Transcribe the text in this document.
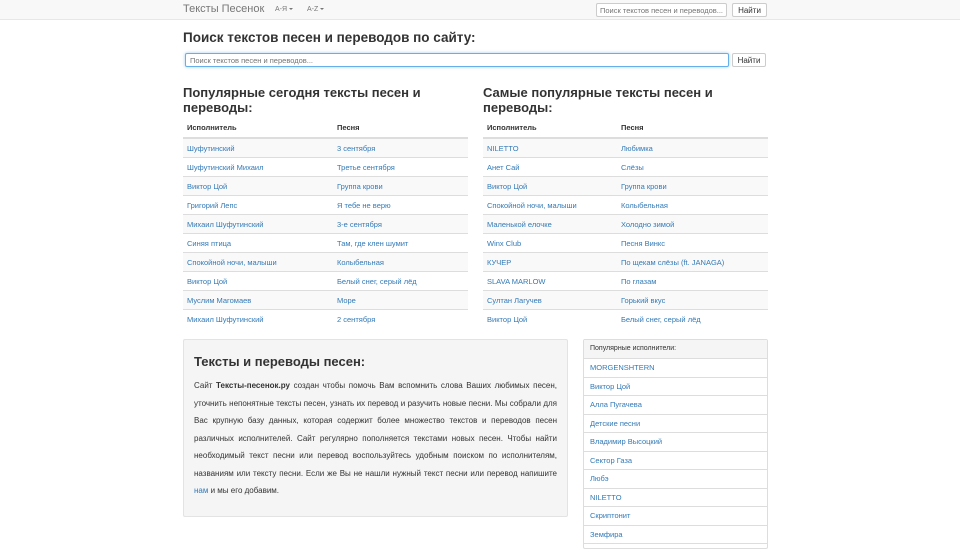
Тексты Песенок А-Я	A-Z
Поиск текстов песен и переводов...	Найти
Поиск текстов песен и переводов по сайту:
Поиск текстов песен и переводов...
Найти
Популярные сегодня тексты песен и
переводы:
Исполнитель	Песня
Шуфутинский	3 сентября
Шуфутинский Михаил	Третье сентября
Виктор Цой	Группа крови
Григорий Лепс	Я тебе не верю
Михаил Шуфутинский	3-е сентября
Синяя птица	Там, где клен шумит
Спокойной ночи, малыши	Колыбельная
Виктор Цой	Белый снег, серый лёд
Муслим Магомаев	Море
Михаил Шуфутинский	2 сентября
Самые популярные тексты песен и
переводы:
Исполнитель	Песня
NILETTO	Любимка
Анет Сай	Слёзы
Виктор Цой	Группа крови
Спокойной ночи, малыши	Колыбельная
Маленькой елочке	Холодно зимой
Winx Club	Песня Винкс
КУЧЕР	По щекам слёзы (ft. JANAGA)
SLAVA MARLOW	По глазам
Султан Лагучев	Горький вкус
Виктор Цой	Белый снег, серый лёд
Тексты и переводы песен:

Сайт Тексты-песенок.ру создан чтобы помочь Вам вспомнить слова Ваших любимых песен, уточнить непонятные тексты песен, узнать их перевод и разучить новые песни. Мы собрали для Вас крупную базу данных, которая содержит более множество текстов и переводов песен различных исполнителей. Сайт регулярно пополняется текстами новых песен. Чтобы найти необходимый текст песни или перевод воспользуйтесь удобным поиском по исполнителям, названиям или тексту песни. Если же Вы не нашли нужный текст песни или перевод напишите нам и мы его добавим.

Популярные исполнители:
MORGENSHTERN
Виктор Цой
Алла Пугачева
Детские песни
Владимир Высоцкий
Сектор Газа
Любэ
NILETTO
Скриптонит
Земфира
